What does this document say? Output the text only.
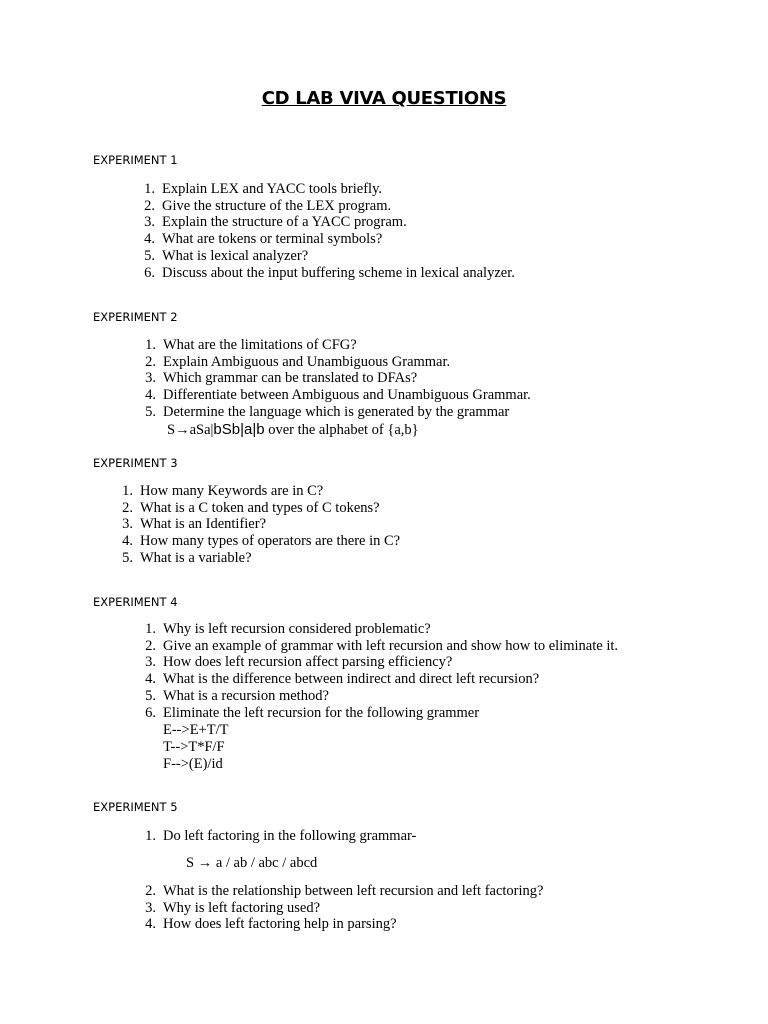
CD LAB VIVA QUESTIONS
EXPERIMENT 1
1. Explain LEX and YACC tools briefly.
2. Give the structure of the LEX program.
3. Explain the structure of a YACC program.
4. What are tokens or terminal symbols?
5. What is lexical analyzer?
6. Discuss about the input buffering scheme in lexical analyzer.
EXPERIMENT 2
1. What are the limitations of CFG?
2. Explain Ambiguous and Unambiguous Grammar.
3. Which grammar can be translated to DFAs?
4. Differentiate between Ambiguous and Unambiguous Grammar.
5. Determine the language which is generated by the grammar
S→aSa|bSb|a|b over the alphabet of {a,b}
EXPERIMENT 3
1. How many Keywords are in C?
2. What is a C token and types of C tokens?
3. What is an Identifier?
4. How many types of operators are there in C?
5. What is a variable?
EXPERIMENT 4
1. Why is left recursion considered problematic?
2. Give an example of grammar with left recursion and show how to eliminate it.
3. How does left recursion affect parsing efficiency?
4. What is the difference between indirect and direct left recursion?
5. What is a recursion method?
6. Eliminate the left recursion for the following grammer
E-->E+T/T
T-->T*F/F
F-->(E)/id
EXPERIMENT 5
1. Do left factoring in the following grammar-
S → a / ab / abc / abcd
2. What is the relationship between left recursion and left factoring?
3. Why is left factoring used?
4. How does left factoring help in parsing?
